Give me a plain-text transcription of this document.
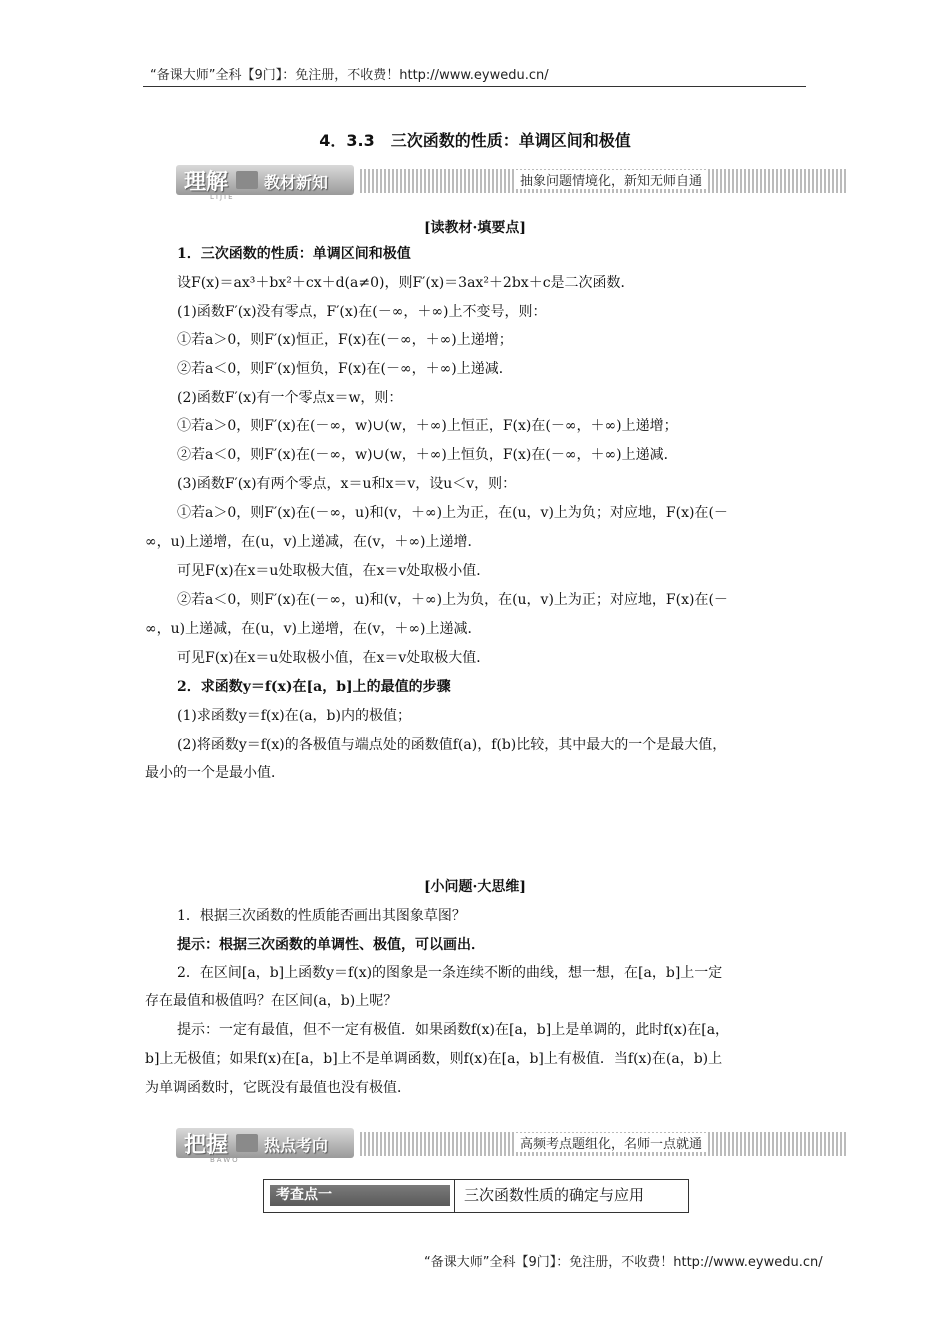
“备课大师”全科【9门】：免注册，不收费！http://www.eywedu.cn/
4．3.3　三次函数的性质：单调区间和极值
理解 教材新知
LIJIE
抽象问题情境化，新知无师自通
[读教材·填要点]
1．三次函数的性质：单调区间和极值
设F(x)＝ax³＋bx²＋cx＋d(a≠0)，则F′(x)＝3ax²＋2bx＋c是二次函数．
(1)函数F′(x)没有零点，F′(x)在(－∞，＋∞)上不变号，则：
①若a＞0，则F′(x)恒正，F(x)在(－∞，＋∞)上递增；
②若a＜0，则F′(x)恒负，F(x)在(－∞，＋∞)上递减．
(2)函数F′(x)有一个零点x＝w，则：
①若a＞0，则F′(x)在(－∞，w)∪(w，＋∞)上恒正，F(x)在(－∞，＋∞)上递增；
②若a＜0，则F′(x)在(－∞，w)∪(w，＋∞)上恒负，F(x)在(－∞，＋∞)上递减．
(3)函数F′(x)有两个零点，x＝u和x＝v，设u＜v，则：
①若a＞0，则F′(x)在(－∞，u)和(v，＋∞)上为正，在(u，v)上为负；对应地，F(x)在(－
∞，u)上递增，在(u，v)上递减，在(v，＋∞)上递增．
可见F(x)在x＝u处取极大值，在x＝v处取极小值．
②若a＜0，则F′(x)在(－∞，u)和(v，＋∞)上为负，在(u，v)上为正；对应地，F(x)在(－
∞，u)上递减，在(u，v)上递增，在(v，＋∞)上递减．
可见F(x)在x＝u处取极小值，在x＝v处取极大值．
2．求函数y＝f(x)在[a，b]上的最值的步骤
(1)求函数y＝f(x)在(a，b)内的极值；
(2)将函数y＝f(x)的各极值与端点处的函数值f(a)，f(b)比较，其中最大的一个是最大值，
最小的一个是最小值．
[小问题·大思维]
1．根据三次函数的性质能否画出其图象草图？
提示：根据三次函数的单调性、极值，可以画出．
2．在区间[a，b]上函数y＝f(x)的图象是一条连续不断的曲线，想一想，在[a，b]上一定
存在最值和极值吗？在区间(a，b)上呢？
提示：一定有最值，但不一定有极值．如果函数f(x)在[a，b]上是单调的，此时f(x)在[a，
b]上无极值；如果f(x)在[a，b]上不是单调函数，则f(x)在[a，b]上有极值．当f(x)在(a，b)上
为单调函数时，它既没有最值也没有极值．
把握 热点考向
BAWO
高频考点题组化，名师一点就通
考查点一	三次函数性质的确定与应用
“备课大师”全科【9门】：免注册，不收费！http://www.eywedu.cn/
